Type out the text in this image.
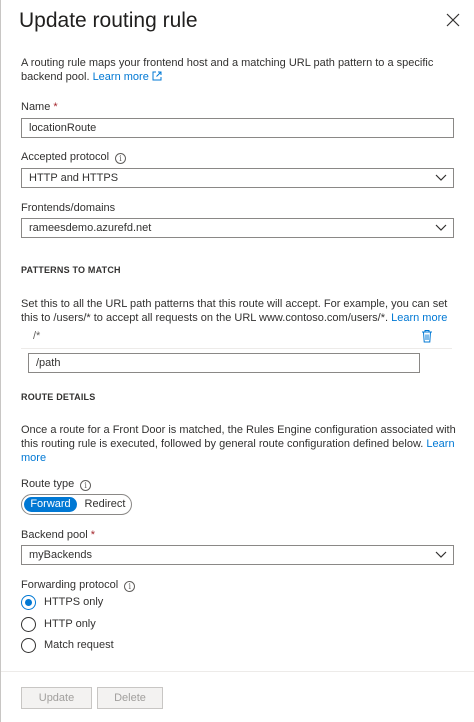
Update routing rule
A routing rule maps your frontend host and a matching URL path pattern to a specific backend pool. Learn more
Name *
locationRoute
Accepted protocol i
HTTP and HTTPS
Frontends/domains
rameesdemo.azurefd.net
PATTERNS TO MATCH
Set this to all the URL path patterns that this route will accept. For example, you can set this to /users/* to accept all requests on the URL www.contoso.com/users/*. Learn more
/*
/path
ROUTE DETAILS
Once a route for a Front Door is matched, the Rules Engine configuration associated with this routing rule is executed, followed by general route configuration defined below. Learn more
Route type i
Forward	Redirect
Backend pool *
myBackends
Forwarding protocol i
HTTPS only
HTTP only
Match request
Update	Delete
